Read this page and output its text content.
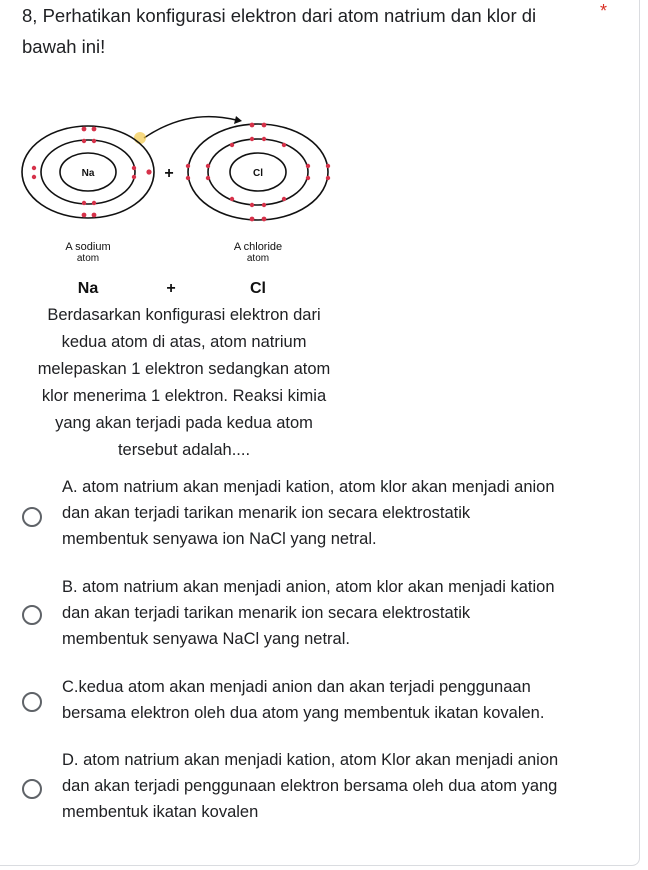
8, Perhatikan konfigurasi elektron dari atom natrium dan klor di
bawah ini!
*
Na	+	Cl
A sodium
atom
A chloride
atom
Na	+	Cl
Berdasarkan konfigurasi elektron dari
kedua atom di atas, atom natrium
melepaskan 1 elektron sedangkan atom
klor menerima 1 elektron. Reaksi kimia
yang akan terjadi pada kedua atom
tersebut adalah....
A. atom natrium akan menjadi kation, atom klor akan menjadi anion
dan akan terjadi tarikan menarik ion secara elektrostatik
membentuk senyawa ion NaCl yang netral.
B. atom natrium akan menjadi anion, atom klor akan menjadi kation
dan akan terjadi tarikan menarik ion secara elektrostatik
membentuk senyawa NaCl yang netral.
C.kedua atom akan menjadi anion dan akan terjadi penggunaan
bersama elektron oleh dua atom yang membentuk ikatan kovalen.
D. atom natrium akan menjadi kation, atom Klor akan menjadi anion
dan akan terjadi penggunaan elektron bersama oleh dua atom yang
membentuk ikatan kovalen
